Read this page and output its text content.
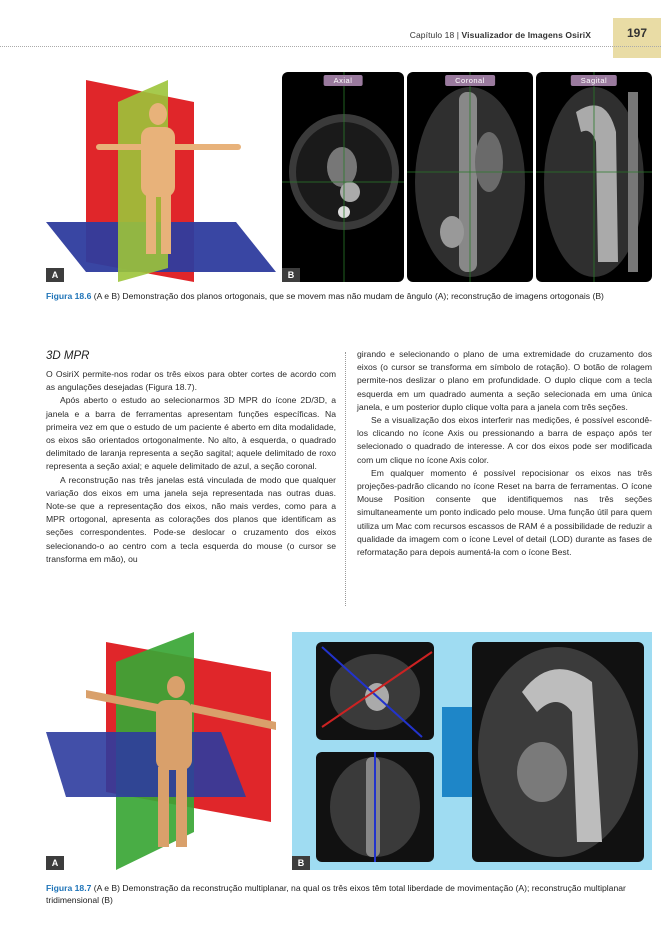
Capítulo 18 | Visualizador de Imagens OsiriX	197
A
Axial
B
Coronal	Sagital
Figura 18.6 (A e B) Demonstração dos planos ortogonais, que se movem mas não mudam de ângulo (A); reconstrução de imagens ortogonais (B)
3D MPR

O OsiriX permite-nos rodar os três eixos para obter cortes de acordo com as angulações desejadas (Figura 18.7).

Após aberto o estudo ao selecionarmos 3D MPR do ícone 2D/3D, a janela e a barra de ferramentas apresentam funções específicas. Na primeira vez em que o estudo de um paciente é aberto em dita modalidade, os eixos são orientados ortogonalmente. No alto, à esquerda, o quadrado delimitado de laranja representa a seção sagital; aquele delimitado de roxo representa a seção axial; e aquele delimitado de azul, a seção coronal.

A reconstrução nas três janelas está vinculada de modo que qualquer variação dos eixos em uma janela seja representada nas outras duas. Note-se que a representação dos eixos, não mais verdes, como para a MPR ortogonal, apresenta as colorações dos planos que identificam as seções correspondentes. Pode-se deslocar o cruzamento dos eixos selecionando-o ao centro com a tecla esquerda do mouse (o cursor se transforma em mão), ou

girando e selecionando o plano de uma extremidade do cruzamento dos eixos (o cursor se transforma em símbolo de rotação). O botão de rolagem permite-nos deslizar o plano em profundidade. O duplo clique com a tecla esquerda em um quadrado aumenta a seção selecionada em uma única janela, e um posterior duplo clique volta para a janela com três seções.

Se a visualização dos eixos interferir nas medições, é possível escondê-los clicando no ícone Axis ou pressionando a barra de espaço após ter selecionado o quadrado de interesse. A cor dos eixos pode ser modificada com um clique no ícone Axis color.

Em qualquer momento é possível repocisionar os eixos nas três projeções-padrão clicando no ícone Reset na barra de ferramentas. O ícone Mouse Position consente que identifiquemos nas três seções simultaneamente um ponto indicado pelo mouse. Uma função útil para quem utiliza um Mac com recursos escassos de RAM é a possibilidade de reduzir a qualidade da imagem com o ícone Level of detail (LOD) durante as fases de reformatação para depois aumentá-la com o ícone Best.

A	B
Figura 18.7 (A e B) Demonstração da reconstrução multiplanar, na qual os três eixos têm total liberdade de movimentação (A); reconstrução multiplanar tridimensional (B)
